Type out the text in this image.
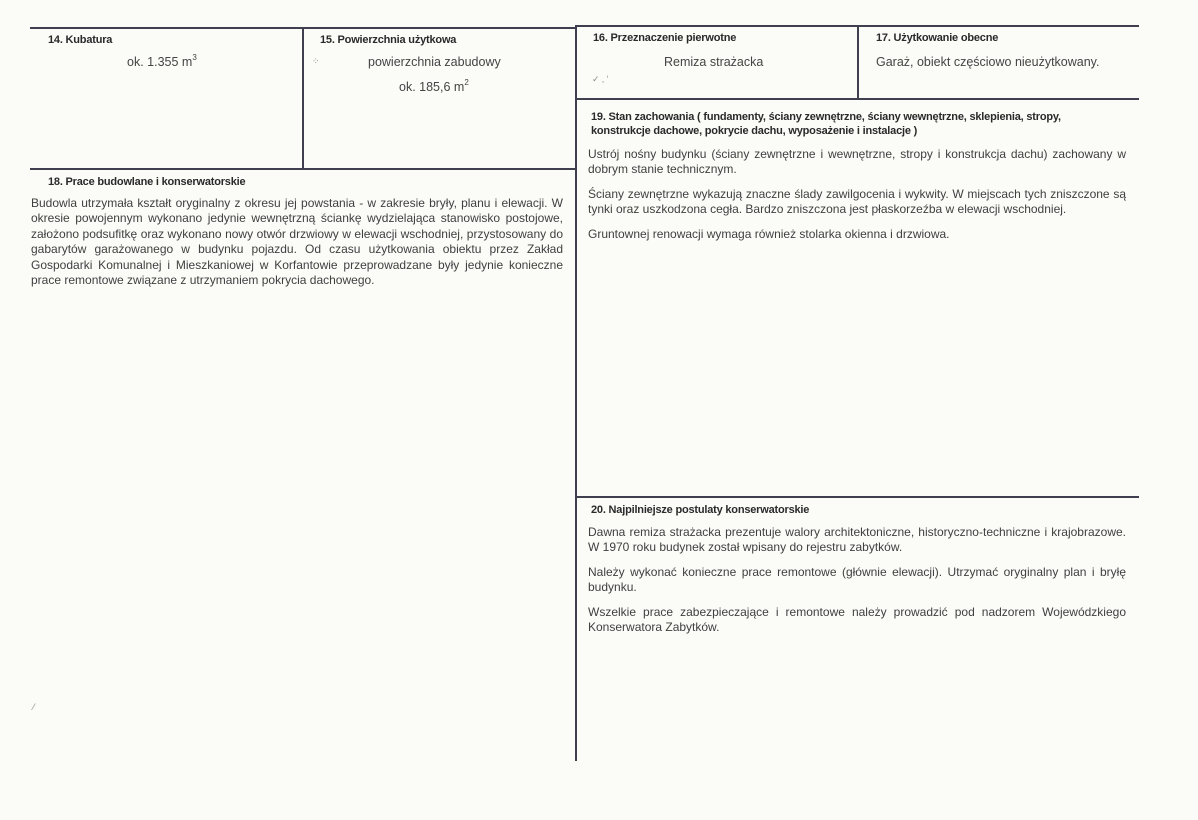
14. Kubatura
ok. 1.355 $m^3$
15. Powierzchnia użytkowa
powierzchnia zabudowy
ok. 185,6 $m^2$
16. Przeznaczenie pierwotne
Remiza strażacka
17. Użytkowanie obecne
Garaż, obiekt częściowo nieużytkowany.
18. Prace budowlane i konserwatorskie

Budowla utrzymała kształt oryginalny z okresu jej powstania - w zakresie bryły, planu i elewacji. W okresie powojennym wykonano jedynie wewnętrzną ściankę wydzielająca stanowisko postojowe, założono podsufitkę oraz wykonano nowy otwór drzwiowy w elewacji wschodniej, przystosowany do gabarytów garażowanego w budynku pojazdu. Od czasu użytkowania obiektu przez Zakład Gospodarki Komunalnej i Mieszkaniowej w Korfantowie przeprowadzane były jedynie konieczne prace remontowe związane z utrzymaniem pokrycia dachowego.

19. Stan zachowania ( fundamenty, ściany zewnętrzne, ściany wewnętrzne, sklepienia, stropy, konstrukcje dachowe, pokrycie dachu, wyposażenie i instalacje )

Ustrój nośny budynku (ściany zewnętrzne i wewnętrzne, stropy i konstrukcja dachu) zachowany w dobrym stanie technicznym.

Ściany zewnętrzne wykazują znaczne ślady zawilgocenia i wykwity. W miejscach tych zniszczone są tynki oraz uszkodzona cegła. Bardzo zniszczona jest płaskorzeźba w elewacji wschodniej.

Gruntownej renowacji wymaga również stolarka okienna i drzwiowa.

20. Najpilniejsze postulaty konserwatorskie

Dawna remiza strażacka prezentuje walory architektoniczne, historyczno-techniczne i krajobrazowe. W 1970 roku budynek został wpisany do rejestru zabytków.

Należy wykonać konieczne prace remontowe (głównie elewacji). Utrzymać oryginalny plan i bryłę budynku.

Wszelkie prace zabezpieczające i remontowe należy prowadzić pod nadzorem Wojewódzkiego Konserwatora Zabytków.

⁘
✓ ‚ ‘
⁄
